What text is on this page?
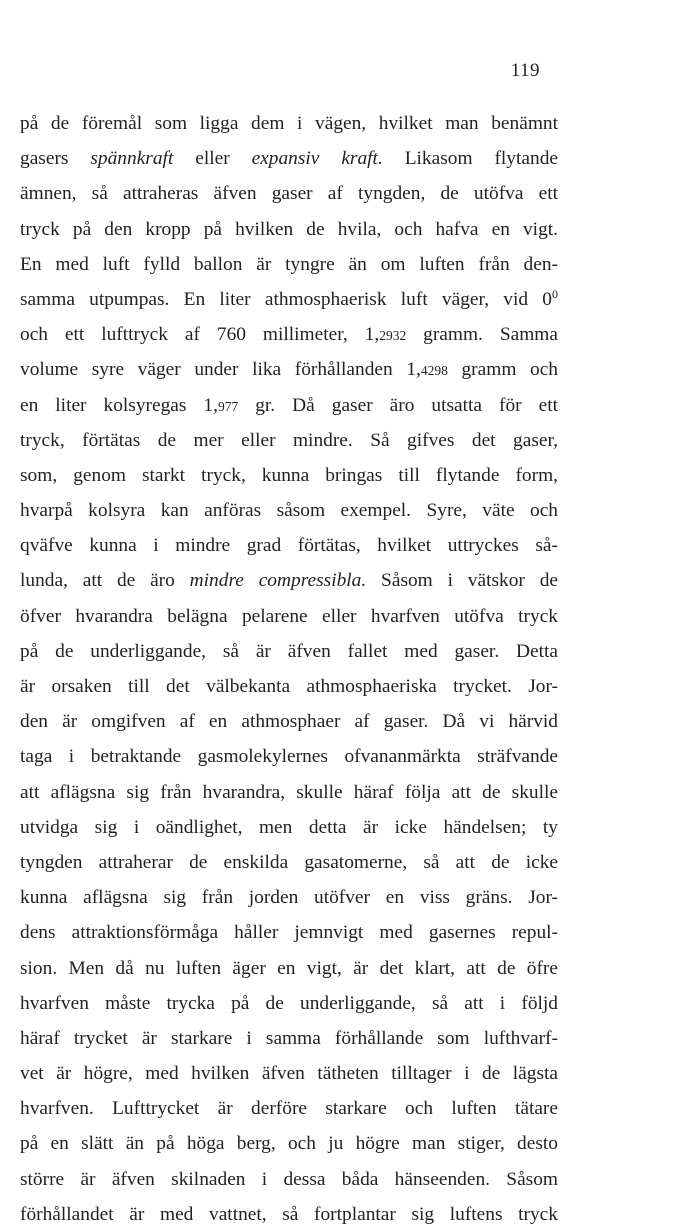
119
på de föremål som ligga dem i vägen, hvilket man benämnt
gasers spännkraft eller expansiv kraft. Likasom flytande
ämnen, så attraheras äfven gaser af tyngden, de utöfva ett
tryck på den kropp på hvilken de hvila, och hafva en vigt.
En med luft fylld ballon är tyngre än om luften från den-
samma utpumpas. En liter athmosphaerisk luft väger, vid $0^0$
och ett lufttryck af 760 millimeter, 1,2932 gramm. Samma
volume syre väger under lika förhållanden 1,4298 gramm och
en liter kolsyregas 1,977 gr. Då gaser äro utsatta för ett
tryck, förtätas de mer eller mindre. Så gifves det gaser,
som, genom starkt tryck, kunna bringas till flytande form,
hvarpå kolsyra kan anföras såsom exempel. Syre, väte och
qväfve kunna i mindre grad förtätas, hvilket uttryckes så-
lunda, att de äro mindre compressibla. Såsom i vätskor de
öfver hvarandra belägna pelarene eller hvarfven utöfva tryck
på de underliggande, så är äfven fallet med gaser. Detta
är orsaken till det välbekanta athmosphaeriska trycket. Jor-
den är omgifven af en athmosphaer af gaser. Då vi härvid
taga i betraktande gasmolekylernes ofvananmärkta sträfvande
att aflägsna sig från hvarandra, skulle häraf följa att de skulle
utvidga sig i oändlighet, men detta är icke händelsen; ty
tyngden attraherar de enskilda gasatomerne, så att de icke
kunna aflägsna sig från jorden utöfver en viss gräns. Jor-
dens attraktionsförmåga håller jemnvigt med gasernes repul-
sion. Men då nu luften äger en vigt, är det klart, att de öfre
hvarfven måste trycka på de underliggande, så att i följd
häraf trycket är starkare i samma förhållande som lufthvarf-
vet är högre, med hvilken äfven tätheten tilltager i de lägsta
hvarfven. Lufttrycket är derföre starkare och luften tätare
på en slätt än på höga berg, och ju högre man stiger, desto
större är äfven skilnaden i dessa båda hänseenden. Såsom
förhållandet är med vattnet, så fortplantar sig luftens tryck
